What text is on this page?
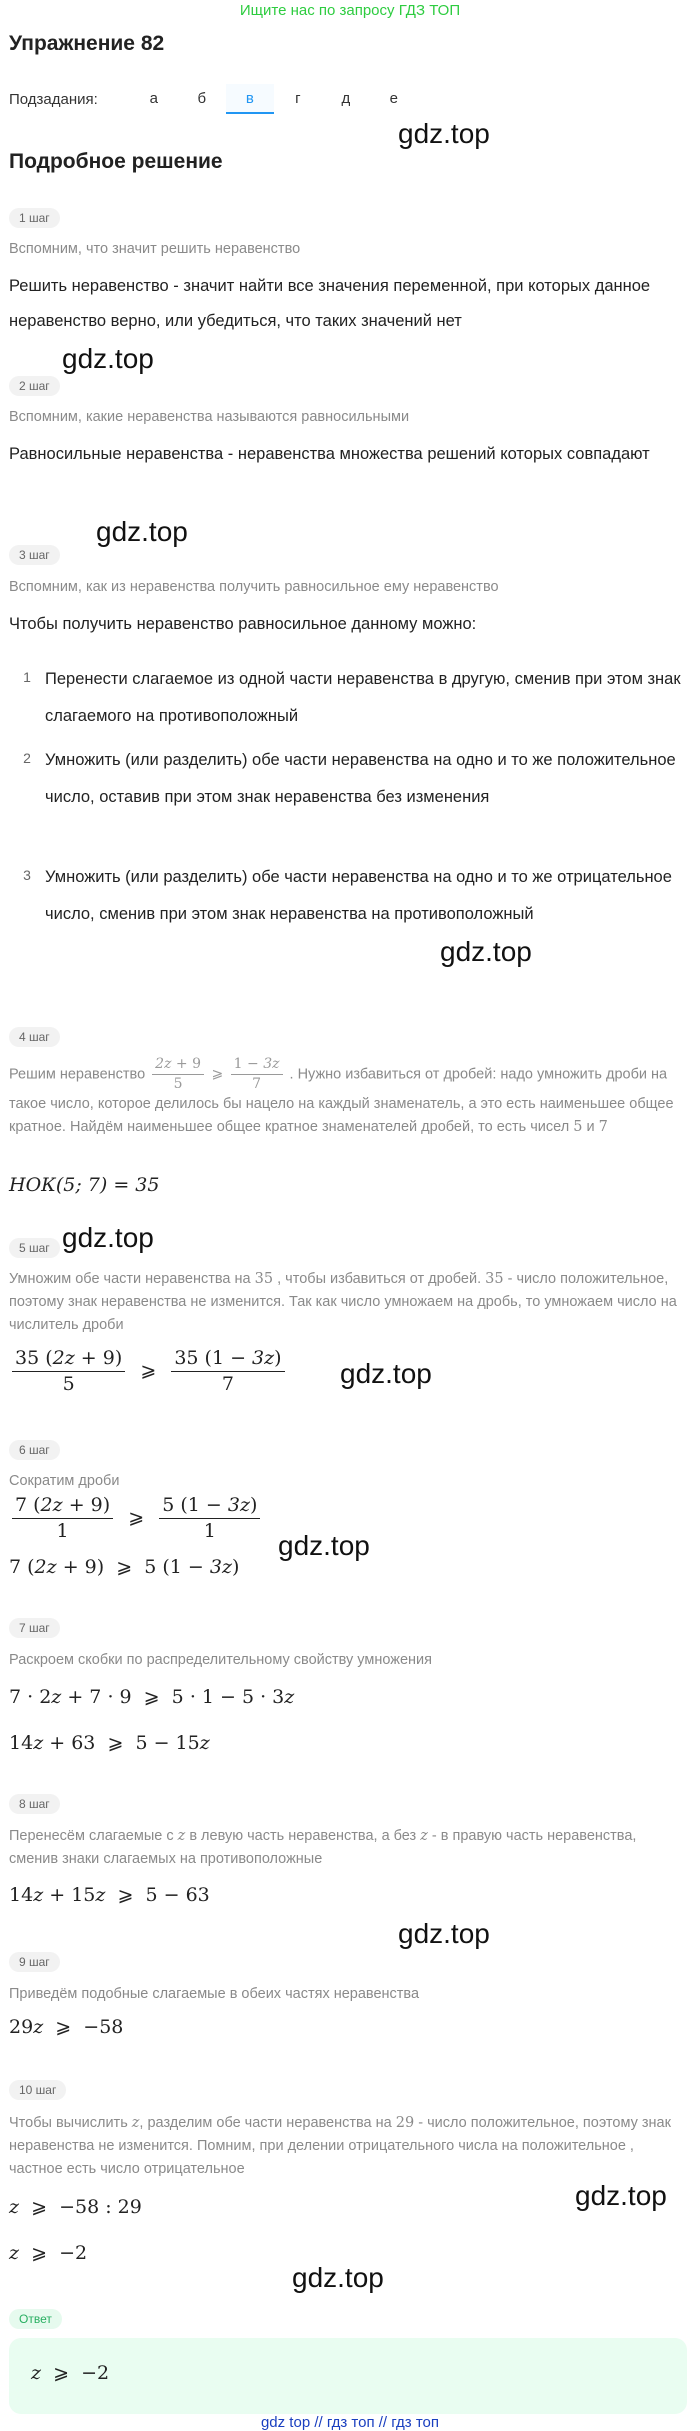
Ищите нас по запросу ГДЗ ТОП
Упражнение 82
Подзадания:	а	б	в	г	д	е
gdz.top
Подробное решение
1 шаг
Вспомним, что значит решить неравенство
Решить неравенство - значит найти все значения переменной, при которых данное неравенство верно, или убедиться, что таких значений нет
gdz.top
2 шаг
Вспомним, какие неравенства называются равносильными
Равносильные неравенства - неравенства множества решений которых совпадают
gdz.top
3 шаг
Вспомним, как из неравенства получить равносильное ему неравенство
Чтобы получить неравенство равносильное данному можно:
1 Перенести слагаемое из одной части неравенства в другую, сменив при этом знак слагаемого на противоположный
2 Умножить (или разделить) обе части неравенства на одно и то же положительное число, оставив при этом знак неравенства без изменения
3 Умножить (или разделить) обе части неравенства на одно и то же отрицательное число, сменив при этом знак неравенства на противоположный
gdz.top
4 шаг
Решим неравенство $\frac{2z + 9}{5}$ ⩾ $\frac{1 - 3z}{7}$ . Нужно избавиться от дробей: надо умножить дроби на такое число, которое делилось бы нацело на каждый знаменатель, а это есть наименьшее общее кратное. Найдём наименьшее общее кратное знаменателей дробей, то есть чисел 5 и 7
НОК(5; 7) = 35
5 шаг gdz.top
Умножим обе части неравенства на 35 , чтобы избавиться от дробей. 35 - число положительное, поэтому знак неравенства не изменится. Так как число умножаем на дробь, то умножаем число на числитель дроби
$\frac{35 (2z + 9)}{5}$ ⩾ $\frac{35 (1 - 3z)}{7} gdz.top$
6 шаг
Сократим дроби
$\frac{7 (2z + 9)}{1}$ ⩾ $\frac{5 (1 - 3z)}{1}$
7 (2z + 9)  ⩾  5 (1 − 3z)
gdz.top
7 шаг
Раскроем скобки по распределительному свойству умножения
7 · 2z + 7 · 9  ⩾  5 · 1 − 5 · 3z
14z + 63  ⩾  5 − 15z
8 шаг
Перенесём слагаемые с z в левую часть неравенства, а без z - в правую часть неравенства, сменив знаки слагаемых на противоположные
14z + 15z  ⩾  5 − 63
gdz.top
9 шаг
Приведём подобные слагаемые в обеих частях неравенства
29z  ⩾  −58
10 шаг
Чтобы вычислить z, разделим обе части неравенства на 29 - число положительное, поэтому знак неравенства не изменится. Помним, при делении отрицательного числа на положительное , частное есть число отрицательное
z  ⩾  −58 : 29	gdz.top
z  ⩾  −2
gdz.top
Ответ
z  ⩾  −2
gdz top // гдз топ // гдз топ
